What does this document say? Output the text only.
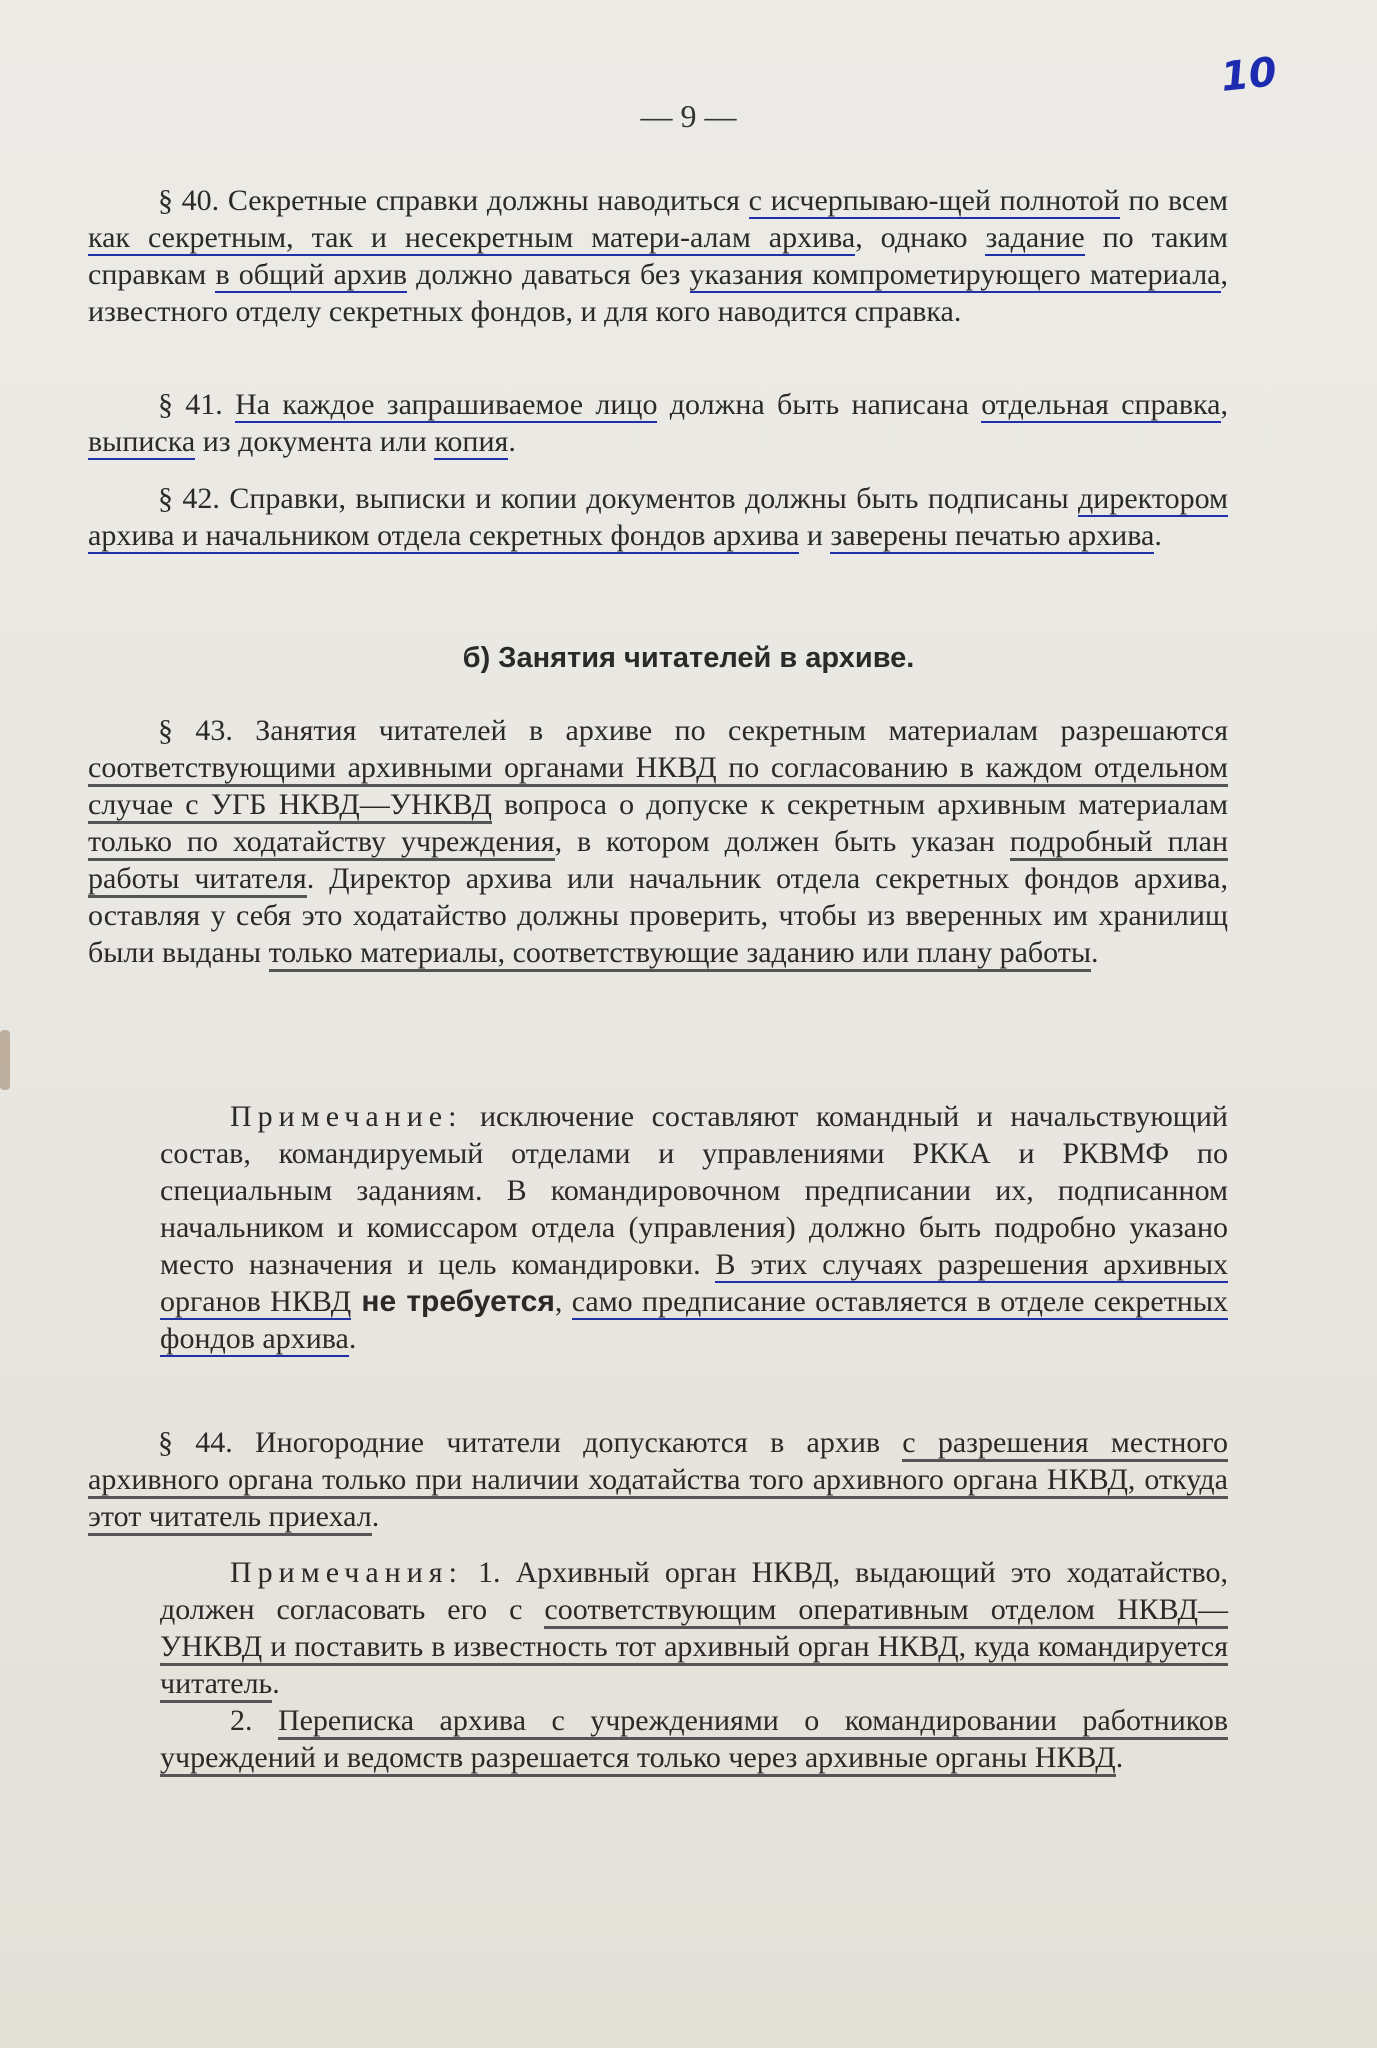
10
— 9 —

§ 40. Секретные справки должны наводиться с исчерпываю-щей полнотой по всем как секретным, так и несекретным матери-алам архива, однако задание по таким справкам в общий архив должно даваться без указания компрометирующего материала, известного отделу секретных фондов, и для кого наводится справка.

§ 41. На каждое запрашиваемое лицо должна быть написана отдельная справка, выписка из документа или копия.

§ 42. Справки, выписки и копии документов должны быть подписаны директором архива и начальником отдела секретных фондов архива и заверены печатью архива.

б) Занятия читателей в архиве.

§ 43. Занятия читателей в архиве по секретным материалам разрешаются соответствующими архивными органами НКВД по согласованию в каждом отдельном случае с УГБ НКВД—УНКВД вопроса о допуске к секретным архивным материалам только по ходатайству учреждения, в котором должен быть указан подробный план работы читателя. Директор архива или начальник отдела секретных фондов архива, оставляя у себя это ходатайство должны проверить, чтобы из вверенных им хранилищ были выданы только материалы, соответствующие заданию или плану работы.

Примечание: исключение составляют командный и начальствующий состав, командируемый отделами и управлениями РККА и РКВМФ по специальным заданиям. В командировочном предписании их, подписанном начальником и комиссаром отдела (управления) должно быть подробно указано место назначения и цель командировки. В этих случаях разрешения архивных органов НКВД не требуется, само предписание оставляется в отделе секретных фондов архива.

§ 44. Иногородние читатели допускаются в архив с разрешения местного архивного органа только при наличии ходатайства того архивного органа НКВД, откуда этот читатель приехал.

Примечания: 1. Архивный орган НКВД, выдающий это ходатайство, должен согласовать его с соответствующим оперативным отделом НКВД—УНКВД и поставить в известность тот архивный орган НКВД, куда командируется читатель.

2. Переписка архива с учреждениями о командировании работников учреждений и ведомств разрешается только через архивные органы НКВД.
